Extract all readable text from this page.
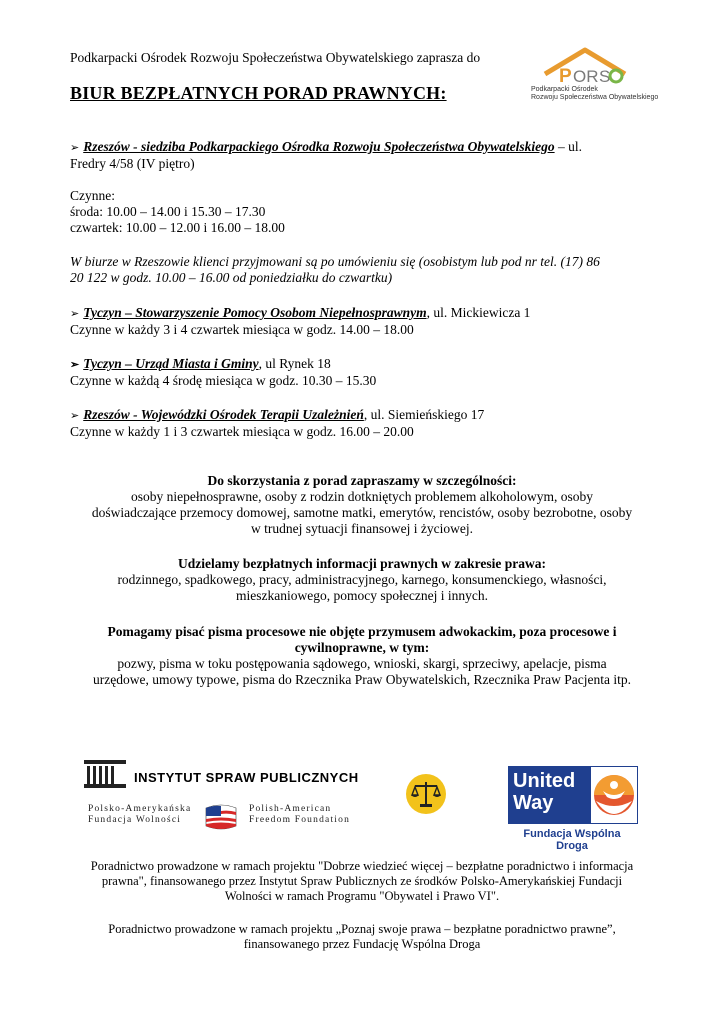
Podkarpacki Ośrodek Rozwoju Społeczeństwa Obywatelskiego zaprasza do
BIUR BEZPŁATNYCH PORAD PRAWNYCH:
P OR S
Podkarpacki Ośrodek
Rozwoju Społeczeństwa Obywatelskiego
➢ Rzeszów - siedziba Podkarpackiego Ośrodka Rozwoju Społeczeństwa Obywatelskiego – ul.
Fredry 4/58 (IV piętro)
Czynne:
środa: 10.00 – 14.00 i 15.30 – 17.30
czwartek: 10.00 – 12.00 i 16.00 – 18.00
W biurze w Rzeszowie klienci przyjmowani są po umówieniu się (osobistym lub pod nr tel. (17) 86
20 122 w godz. 10.00 – 16.00 od poniedziałku do czwartku)
➢ Tyczyn – Stowarzyszenie Pomocy Osobom Niepełnosprawnym, ul. Mickiewicza 1
Czynne w każdy 3 i 4 czwartek miesiąca w godz. 14.00 – 18.00
➢ Tyczyn – Urząd Miasta i Gminy, ul Rynek 18
Czynne w każdą 4 środę miesiąca w godz. 10.30 – 15.30
➢ Rzeszów - Wojewódzki Ośrodek Terapii Uzależnień, ul. Siemieńskiego 17
Czynne w każdy 1 i 3 czwartek miesiąca w godz. 16.00 – 20.00
Do skorzystania z porad zapraszamy w szczególności:
osoby niepełnosprawne, osoby z rodzin dotkniętych problemem alkoholowym, osoby
doświadczające przemocy domowej, samotne matki, emerytów, rencistów, osoby bezrobotne, osoby
w trudnej sytuacji finansowej i życiowej.
Udzielamy bezpłatnych informacji prawnych w zakresie prawa:
rodzinnego, spadkowego, pracy, administracyjnego, karnego, konsumenckiego, własności,
mieszkaniowego, pomocy społecznej i innych.
Pomagamy pisać pisma procesowe nie objęte przymusem adwokackim, poza procesowe i
cywilnoprawne, w tym:
pozwy, pisma w toku postępowania sądowego, wnioski, skargi, sprzeciwy, apelacje, pisma
urzędowe, umowy typowe, pisma do Rzecznika Praw Obywatelskich, Rzecznika Praw Pacjenta itp.
INSTYTUT SPRAW PUBLICZNYCH
Polsko-Amerykańska
Fundacja Wolności
Polish-American
Freedom Foundation
United
Way
Fundacja Wspólna Droga
Poradnictwo prowadzone w ramach projektu "Dobrze wiedzieć więcej – bezpłatne poradnictwo i informacja
prawna", finansowanego przez Instytut Spraw Publicznych ze środków Polsko-Amerykańskiej Fundacji
Wolności w ramach Programu "Obywatel i Prawo VI".
Poradnictwo prowadzone w ramach projektu „Poznaj swoje prawa – bezpłatne poradnictwo prawne”,
finansowanego przez Fundację Wspólna Droga
